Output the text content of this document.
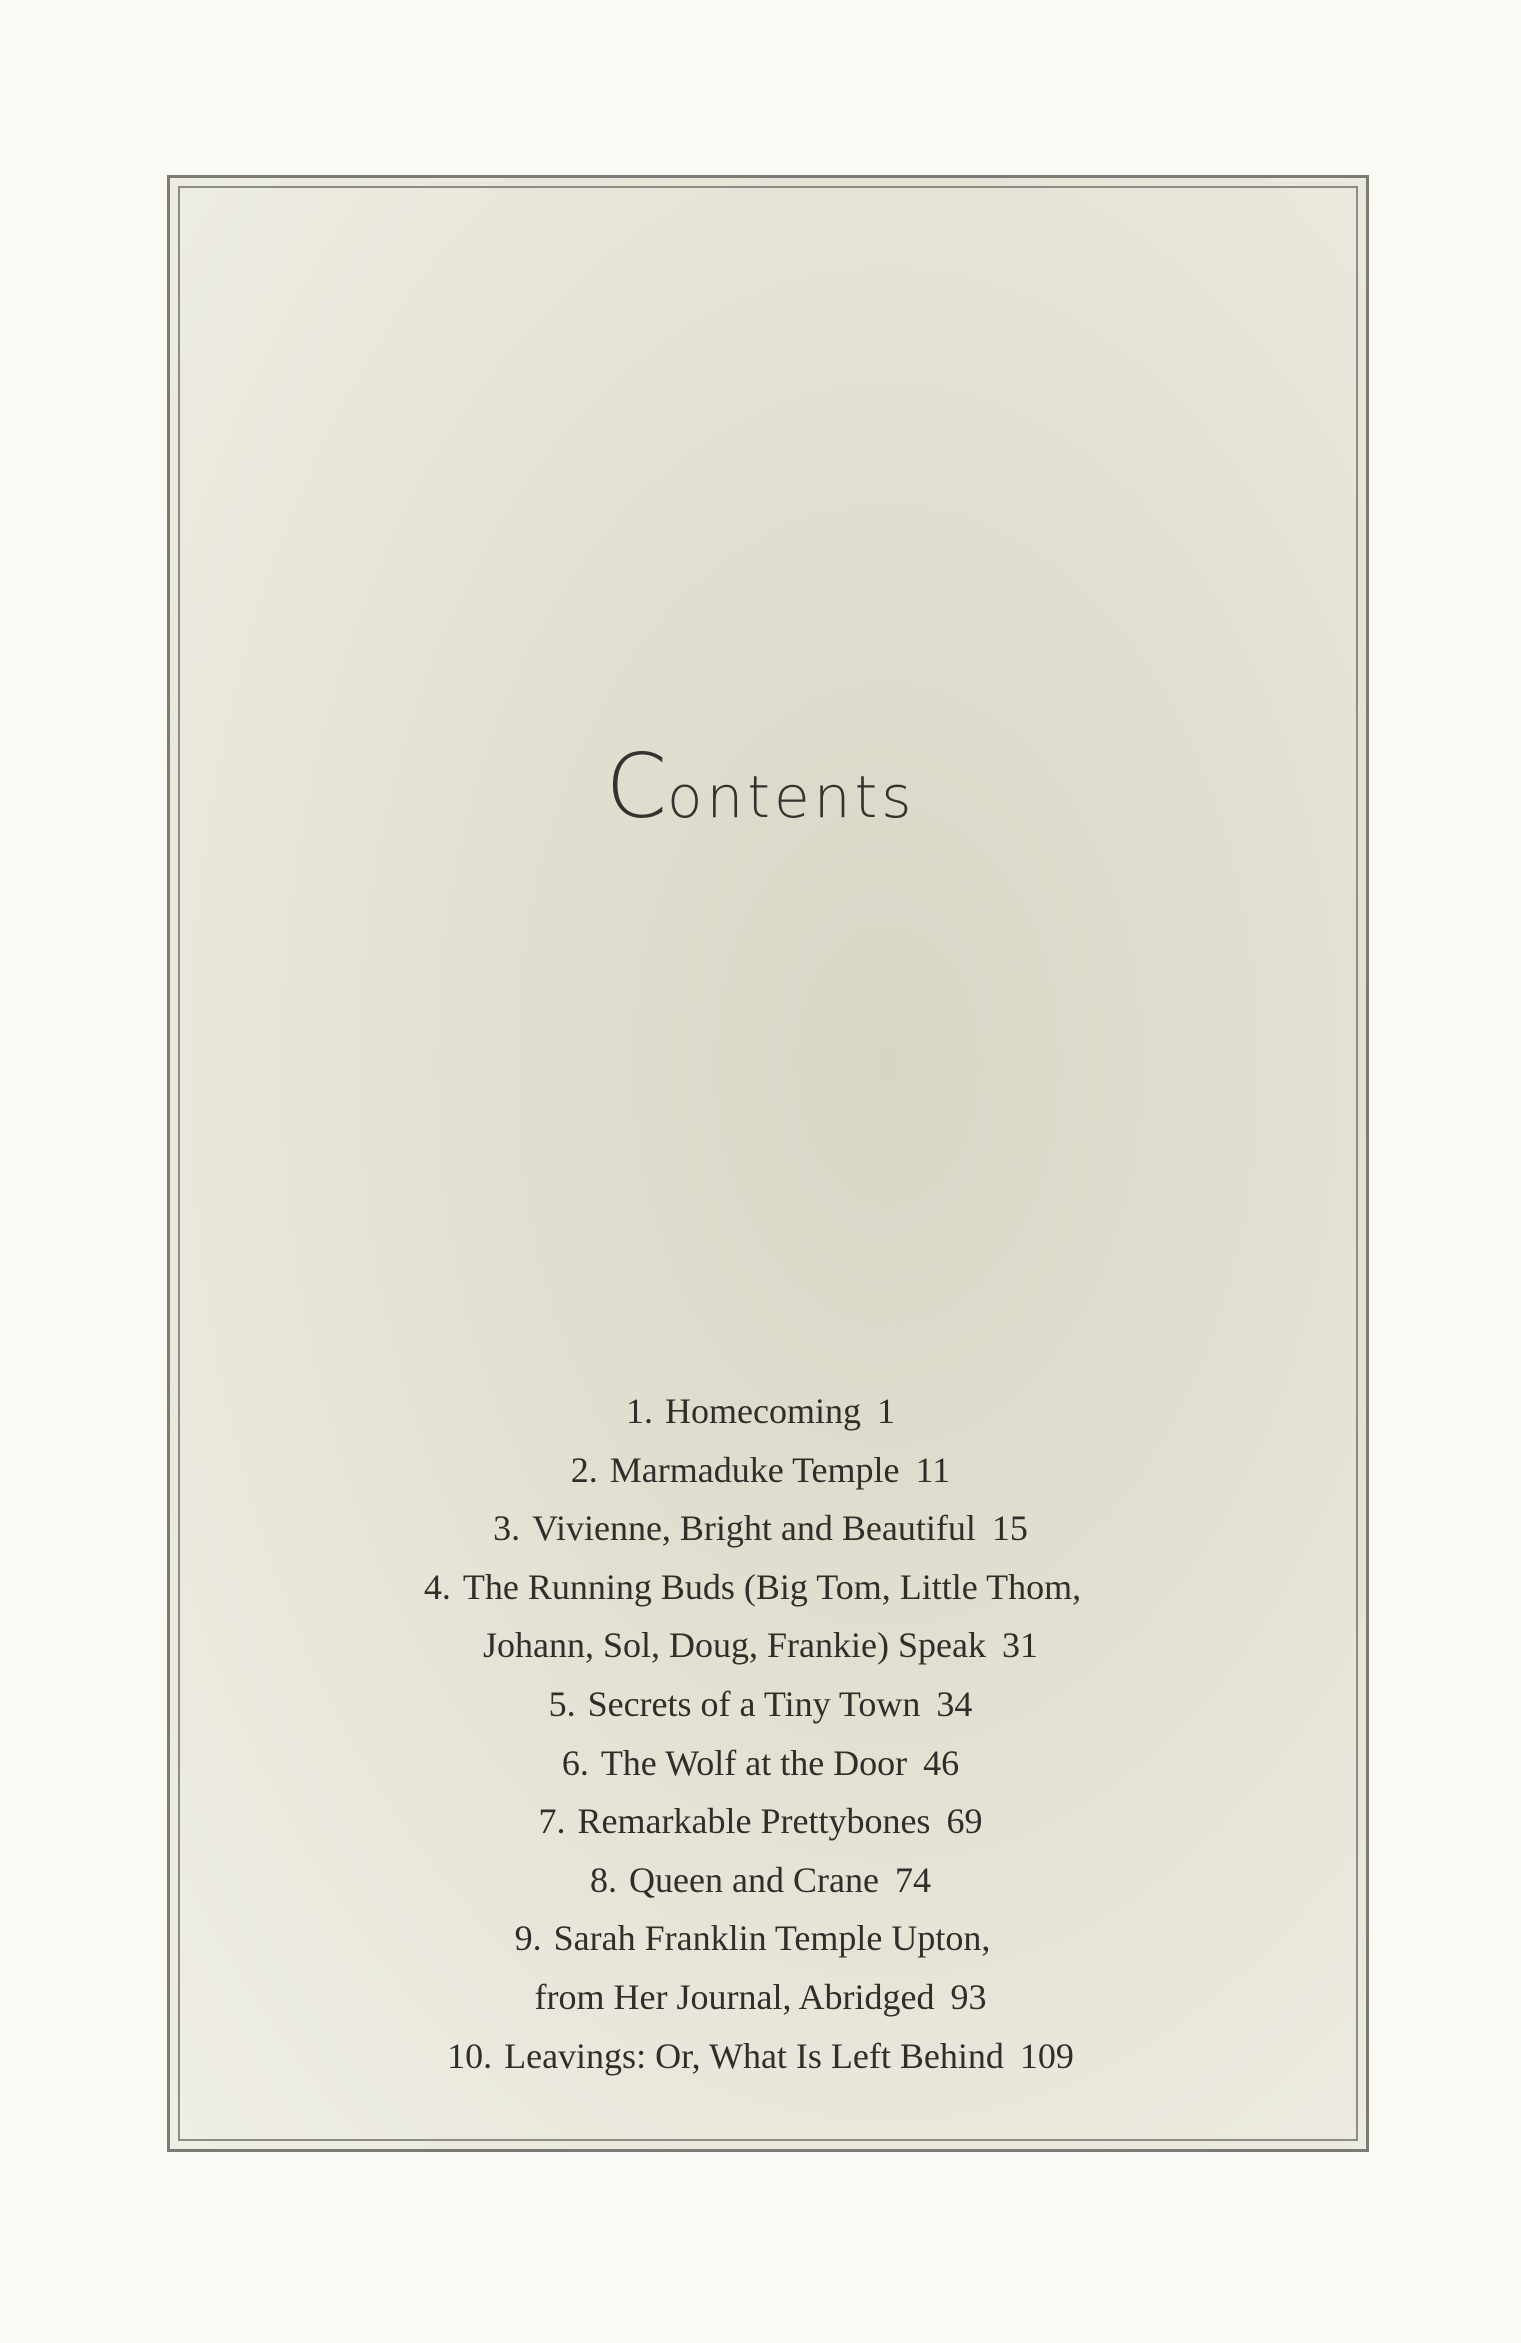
Contents
1. Homecoming 1
2. Marmaduke Temple 11
3. Vivienne, Bright and Beautiful 15
4. The Running Buds (Big Tom, Little Thom,
Johann, Sol, Doug, Frankie) Speak 31
5. Secrets of a Tiny Town 34
6. The Wolf at the Door 46
7. Remarkable Prettybones 69
8. Queen and Crane 74
9. Sarah Franklin Temple Upton,
from Her Journal, Abridged 93
10. Leavings: Or, What Is Left Behind 109
